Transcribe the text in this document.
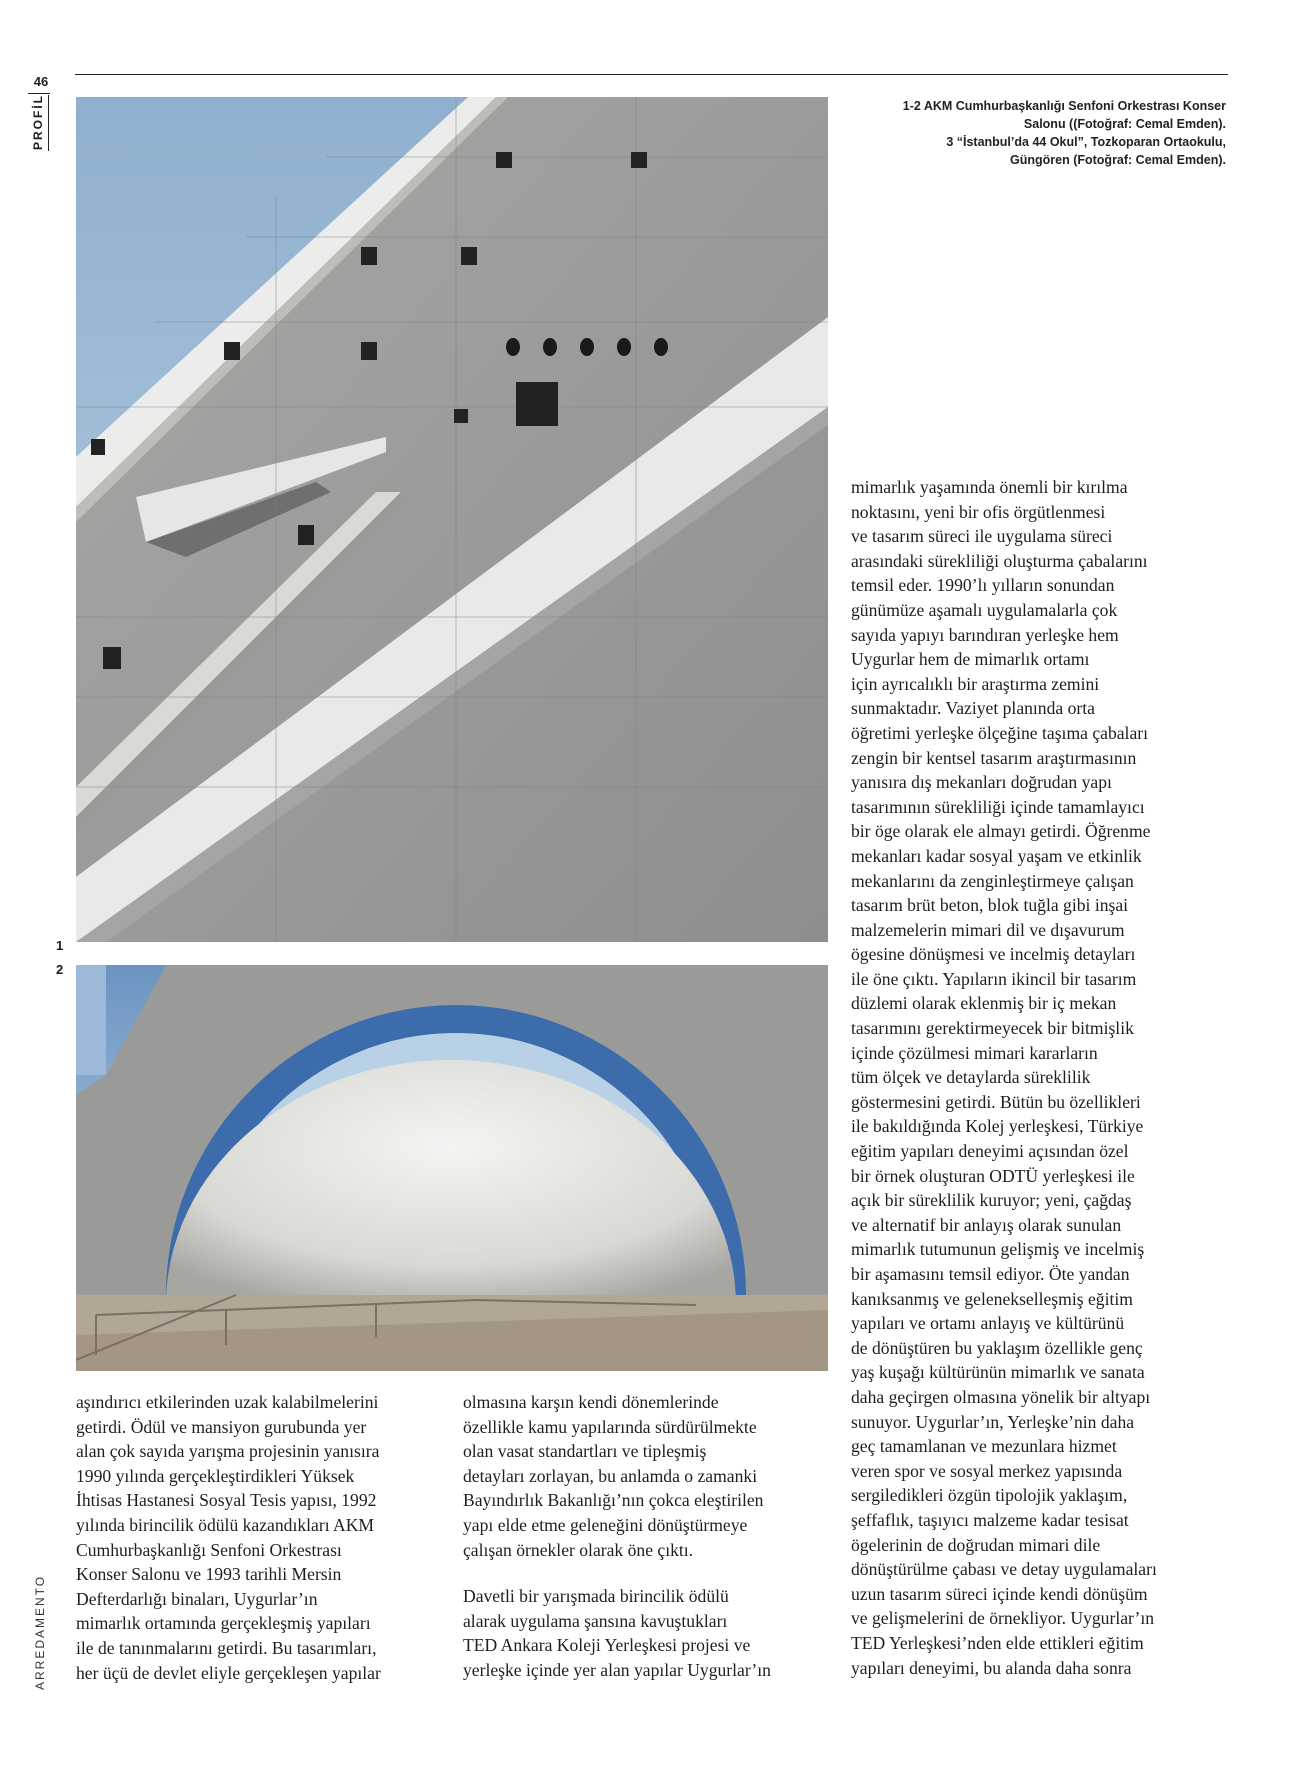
46
PROFİL
ARREDAMENTO
1
2
1-2 AKM Cumhurbaşkanlığı Senfoni Orkestrası Konser
Salonu ((Fotoğraf: Cemal Emden).
3 “İstanbul’da 44 Okul”, Tozkoparan Ortaokulu,
Güngören (Fotoğraf: Cemal Emden).

mimarlık yaşamında önemli bir kırılma
noktasını, yeni bir ofis örgütlenmesi
ve tasarım süreci ile uygulama süreci
arasındaki sürekliliği oluşturma çabalarını
temsil eder. 1990’lı yılların sonundan
günümüze aşamalı uygulamalarla çok
sayıda yapıyı barındıran yerleşke hem
Uygurlar hem de mimarlık ortamı
için ayrıcalıklı bir araştırma zemini
sunmaktadır. Vaziyet planında orta
öğretimi yerleşke ölçeğine taşıma çabaları
zengin bir kentsel tasarım araştırmasının
yanısıra dış mekanları doğrudan yapı
tasarımının sürekliliği içinde tamamlayıcı
bir öge olarak ele almayı getirdi. Öğrenme
mekanları kadar sosyal yaşam ve etkinlik
mekanlarını da zenginleştirmeye çalışan
tasarım brüt beton, blok tuğla gibi inşai
malzemelerin mimari dil ve dışavurum
ögesine dönüşmesi ve incelmiş detayları
ile öne çıktı. Yapıların ikincil bir tasarım
düzlemi olarak eklenmiş bir iç mekan
tasarımını gerektirmeyecek bir bitmişlik
içinde çözülmesi mimari kararların
tüm ölçek ve detaylarda süreklilik
göstermesini getirdi. Bütün bu özellikleri
ile bakıldığında Kolej yerleşkesi, Türkiye
eğitim yapıları deneyimi açısından özel
bir örnek oluşturan ODTÜ yerleşkesi ile
açık bir süreklilik kuruyor; yeni, çağdaş
ve alternatif bir anlayış olarak sunulan
mimarlık tutumunun gelişmiş ve incelmiş
bir aşamasını temsil ediyor. Öte yandan
kanıksanmış ve gelenekselleşmiş eğitim
yapıları ve ortamı anlayış ve kültürünü
de dönüştüren bu yaklaşım özellikle genç
yaş kuşağı kültürünün mimarlık ve sanata
daha geçirgen olmasına yönelik bir altyapı
sunuyor. Uygurlar’ın, Yerleşke’nin daha
geç tamamlanan ve mezunlara hizmet
veren spor ve sosyal merkez yapısında
sergiledikleri özgün tipolojik yaklaşım,
şeffaflık, taşıyıcı malzeme kadar tesisat
ögelerinin de doğrudan mimari dile
dönüştürülme çabası ve detay uygulamaları
uzun tasarım süreci içinde kendi dönüşüm
ve gelişmelerini de örnekliyor. Uygurlar’ın
TED Yerleşkesi’nden elde ettikleri eğitim
yapıları deneyimi, bu alanda daha sonra

aşındırıcı etkilerinden uzak kalabilmelerini
getirdi. Ödül ve mansiyon gurubunda yer
alan çok sayıda yarışma projesinin yanısıra
1990 yılında gerçekleştirdikleri Yüksek
İhtisas Hastanesi Sosyal Tesis yapısı, 1992
yılında birincilik ödülü kazandıkları AKM
Cumhurbaşkanlığı Senfoni Orkestrası
Konser Salonu ve 1993 tarihli Mersin
Defterdarlığı binaları, Uygurlar’ın
mimarlık ortamında gerçekleşmiş yapıları
ile de tanınmalarını getirdi. Bu tasarımları,
her üçü de devlet eliyle gerçekleşen yapılar

olmasına karşın kendi dönemlerinde
özellikle kamu yapılarında sürdürülmekte
olan vasat standartları ve tipleşmiş
detayları zorlayan, bu anlamda o zamanki
Bayındırlık Bakanlığı’nın çokca eleştirilen
yapı elde etme geleneğini dönüştürmeye
çalışan örnekler olarak öne çıktı.

Davetli bir yarışmada birincilik ödülü
alarak uygulama şansına kavuştukları
TED Ankara Koleji Yerleşkesi projesi ve
yerleşke içinde yer alan yapılar Uygurlar’ın
